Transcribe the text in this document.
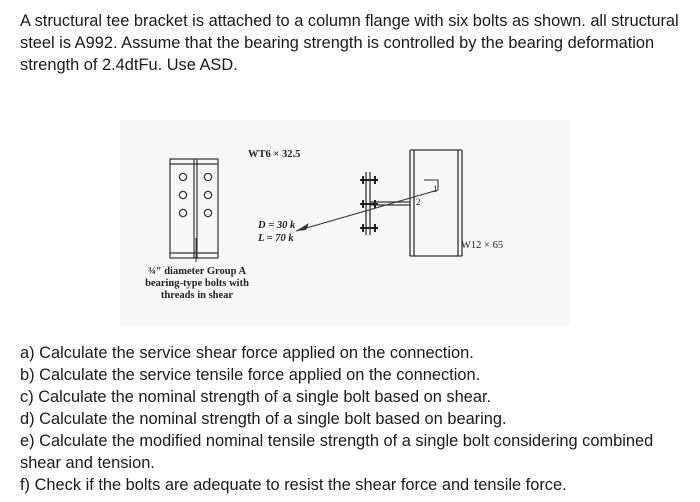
A structural tee bracket is attached to a column flange with six bolts as shown. all structural steel is A992. Assume that the bearing strength is controlled by the bearing deformation strength of 2.4dtFu. Use ASD.

1
2
WT6 × 32.5
D = 30 k
L = 70 k
W12 × 65
¾" diameter Group A bearing-type bolts with threads in shear

a) Calculate the service shear force applied on the connection.

b) Calculate the service tensile force applied on the connection.

c) Calculate the nominal strength of a single bolt based on shear.

d) Calculate the nominal strength of a single bolt based on bearing.

e) Calculate the modified nominal tensile strength of a single bolt considering combined shear and tension.

f) Check if the bolts are adequate to resist the shear force and tensile force.
